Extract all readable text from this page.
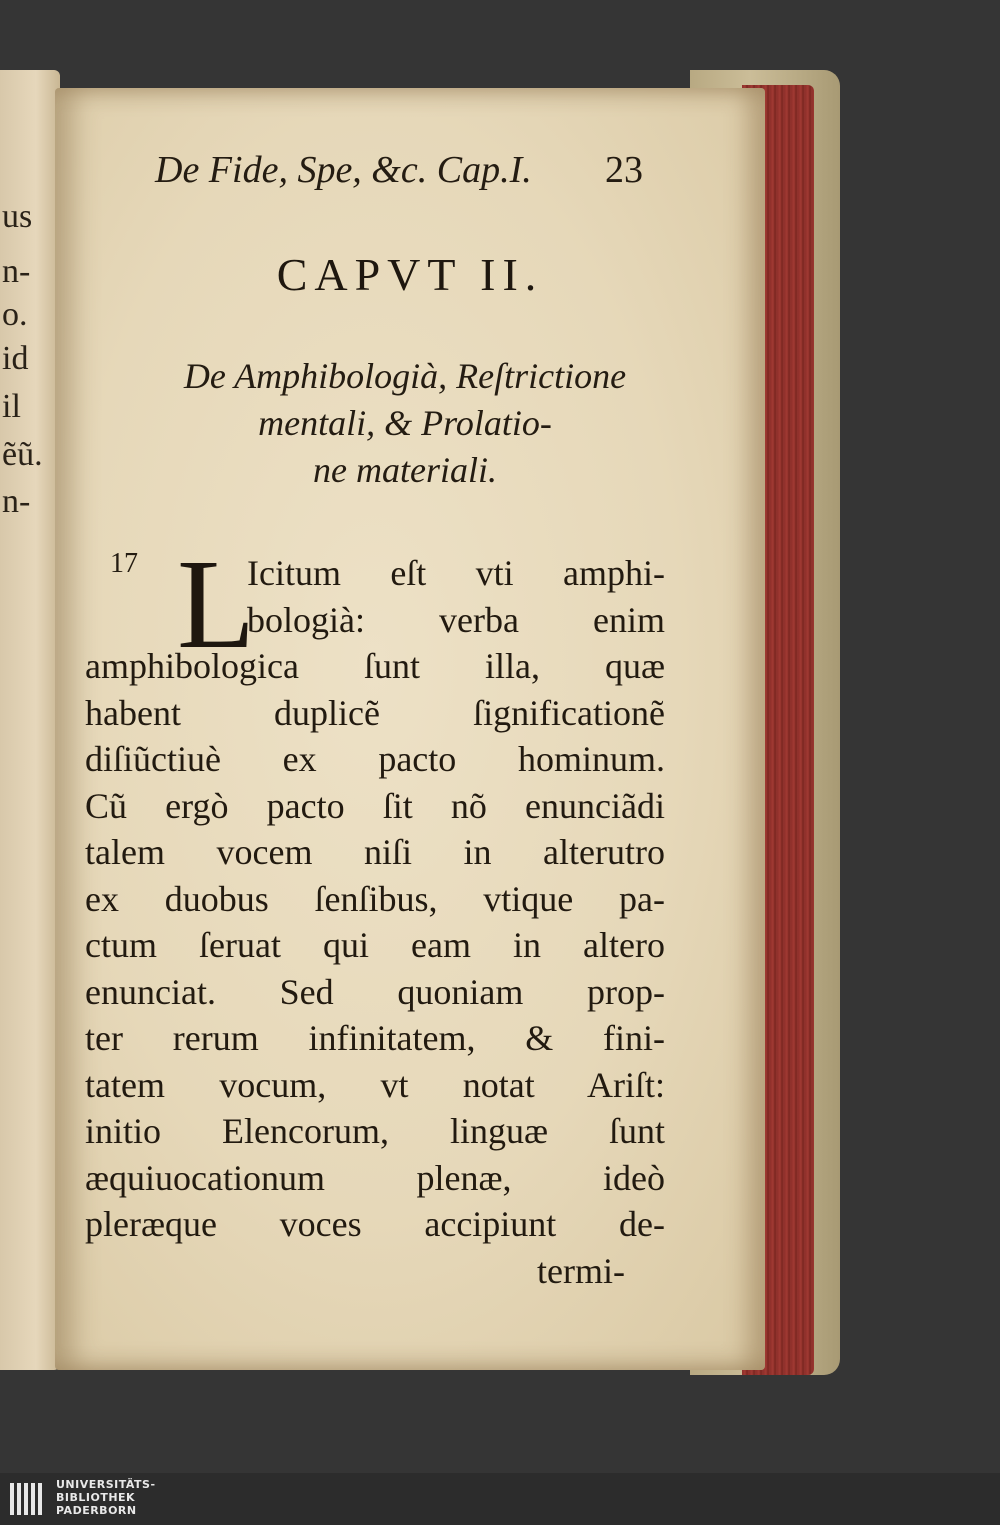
us
n-
o.
id
il
ẽũ.
n-
De Fide, Spe, &c. Cap.I. 23
CAPVT II.
De Amphibologià, Reſtrictione
mentali, & Prolatio-
ne materiali.
17 L
Icitum eſt vti amphi-
bologià: verba enim
amphibologica ſunt illa, quæ
habent duplicẽ ſignificationẽ
diſiũctiuè ex pacto hominum.
Cũ ergò pacto ſit nõ enunciãdi
talem vocem niſi in alterutro
ex duobus ſenſibus, vtique pa-
ctum ſeruat qui eam in altero
enunciat. Sed quoniam prop-
ter rerum infinitatem, & fini-
tatem vocum, vt notat Ariſt:
initio Elencorum, linguæ ſunt
æquiuocationum plenæ, ideò
pleræque voces accipiunt de-
termi-
UNIVERSITÄTS-
BIBLIOTHEK
PADERBORN
